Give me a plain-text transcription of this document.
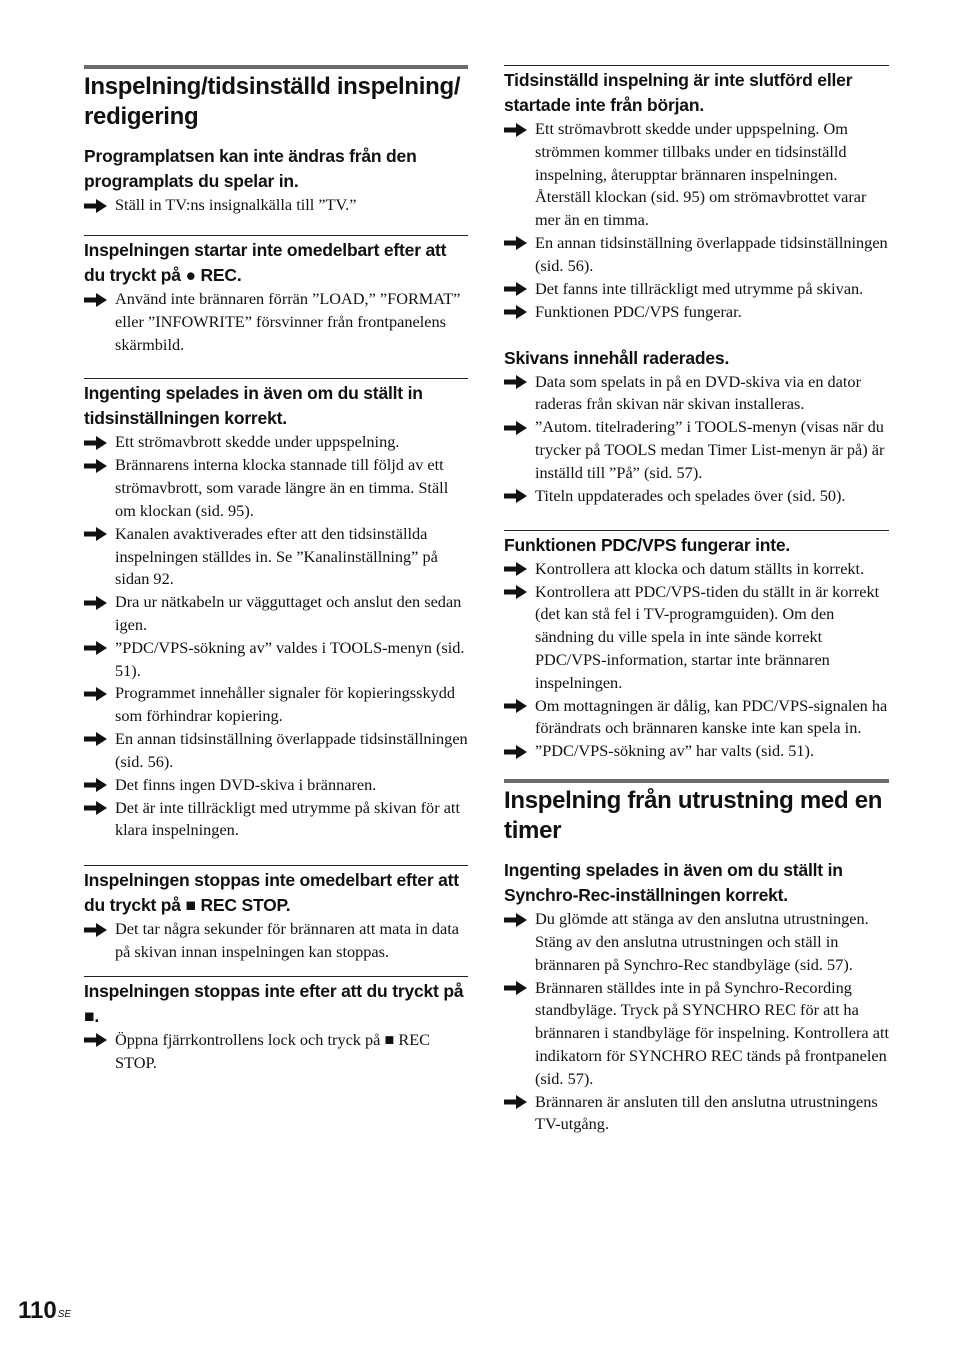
Inspelning/tidsinställd inspelning/ redigering
Programplatsen kan inte ändras från den programplats du spelar in.
Ställ in TV:ns insignalkälla till ”TV.”
Inspelningen startar inte omedelbart efter att du tryckt på ● REC.
Använd inte brännaren förrän ”LOAD,” ”FORMAT” eller ”INFOWRITE” försvinner från frontpanelens skärmbild.
Ingenting spelades in även om du ställt in tidsinställningen korrekt.
Ett strömavbrott skedde under uppspelning.
Brännarens interna klocka stannade till följd av ett strömavbrott, som varade längre än en timma. Ställ om klockan (sid. 95).
Kanalen avaktiverades efter att den tidsinställda inspelningen ställdes in. Se ”Kanalinställning” på sidan 92.
Dra ur nätkabeln ur vägguttaget och anslut den sedan igen.
”PDC/VPS-sökning av” valdes i TOOLS-menyn (sid. 51).
Programmet innehåller signaler för kopieringsskydd som förhindrar kopiering.
En annan tidsinställning överlappade tidsinställningen (sid. 56).
Det finns ingen DVD-skiva i brännaren.
Det är inte tillräckligt med utrymme på skivan för att klara inspelningen.
Inspelningen stoppas inte omedelbart efter att du tryckt på ■ REC STOP.
Det tar några sekunder för brännaren att mata in data på skivan innan inspelningen kan stoppas.
Inspelningen stoppas inte efter att du tryckt på ■.
Öppna fjärrkontrollens lock och tryck på ■ REC STOP.
Tidsinställd inspelning är inte slutförd eller startade inte från början.
Ett strömavbrott skedde under uppspelning. Om strömmen kommer tillbaks under en tidsinställd inspelning, återupptar brännaren inspelningen. Återställ klockan (sid. 95) om strömavbrottet varar mer än en timma.
En annan tidsinställning överlappade tidsinställningen (sid. 56).
Det fanns inte tillräckligt med utrymme på skivan.
Funktionen PDC/VPS fungerar.
Skivans innehåll raderades.
Data som spelats in på en DVD-skiva via en dator raderas från skivan när skivan installeras.
”Autom. titelradering” i TOOLS-menyn (visas när du trycker på TOOLS medan Timer List-menyn är på) är inställd till ”På” (sid. 57).
Titeln uppdaterades och spelades över (sid. 50).
Funktionen PDC/VPS fungerar inte.
Kontrollera att klocka och datum ställts in korrekt.
Kontrollera att PDC/VPS-tiden du ställt in är korrekt (det kan stå fel i TV-programguiden). Om den sändning du ville spela in inte sände korrekt PDC/VPS-information, startar inte brännaren inspelningen.
Om mottagningen är dålig, kan PDC/VPS-signalen ha förändrats och brännaren kanske inte kan spela in.
”PDC/VPS-sökning av” har valts (sid. 51).
Inspelning från utrustning med en timer
Ingenting spelades in även om du ställt in Synchro-Rec-inställningen korrekt.
Du glömde att stänga av den anslutna utrustningen. Stäng av den anslutna utrustningen och ställ in brännaren på Synchro-Rec standbyläge (sid. 57).
Brännaren ställdes inte in på Synchro-Recording standbyläge. Tryck på SYNCHRO REC för att ha brännaren i standbyläge för inspelning. Kontrollera att indikatorn för SYNCHRO REC tänds på frontpanelen (sid. 57).
Brännaren är ansluten till den anslutna utrustningens TV-utgång.
$110^{SE}$
